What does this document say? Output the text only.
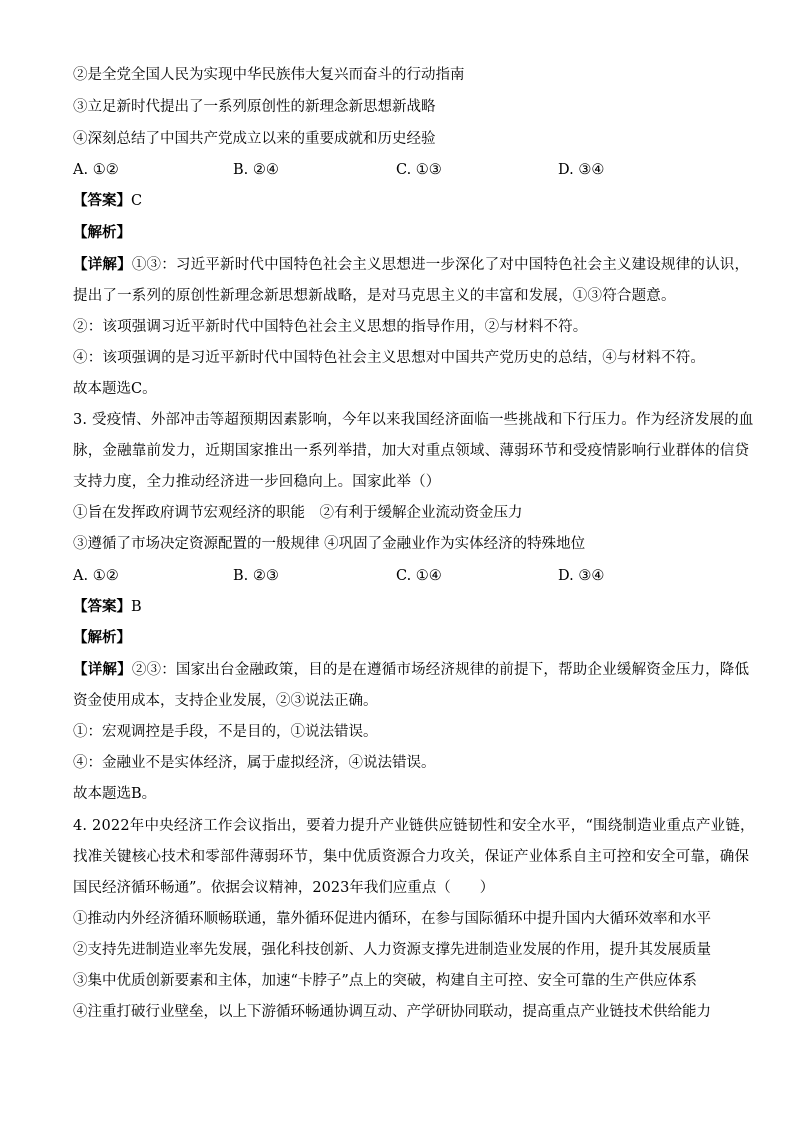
②是全党全国人民为实现中华民族伟大复兴而奋斗的行动指南
③立足新时代提出了一系列原创性的新理念新思想新战略
④深刻总结了中国共产党成立以来的重要成就和历史经验
A. ①②	B. ②④	C. ①③	D. ③④
【答案】C
【解析】
【详解】①③：习近平新时代中国特色社会主义思想进一步深化了对中国特色社会主义建设规律的认识，
提出了一系列的原创性新理念新思想新战略，是对马克思主义的丰富和发展，①③符合题意。
②：该项强调习近平新时代中国特色社会主义思想的指导作用，②与材料不符。
④：该项强调的是习近平新时代中国特色社会主义思想对中国共产党历史的总结，④与材料不符。
故本题选C。
3. 受疫情、外部冲击等超预期因素影响，今年以来我国经济面临一些挑战和下行压力。作为经济发展的血
脉，金融靠前发力，近期国家推出一系列举措，加大对重点领域、薄弱环节和受疫情影响行业群体的信贷
支持力度，全力推动经济进一步回稳向上。国家此举（）
①旨在发挥政府调节宏观经济的职能　②有利于缓解企业流动资金压力
③遵循了市场决定资源配置的一般规律 ④巩固了金融业作为实体经济的特殊地位
A. ①②	B. ②③	C. ①④	D. ③④
【答案】B
【解析】
【详解】②③：国家出台金融政策，目的是在遵循市场经济规律的前提下，帮助企业缓解资金压力，降低
资金使用成本，支持企业发展，②③说法正确。
①：宏观调控是手段，不是目的，①说法错误。
④：金融业不是实体经济，属于虚拟经济，④说法错误。
故本题选B。
4. 2022年中央经济工作会议指出，要着力提升产业链供应链韧性和安全水平，“围绕制造业重点产业链，
找准关键核心技术和零部件薄弱环节，集中优质资源合力攻关，保证产业体系自主可控和安全可靠，确保
国民经济循环畅通”。依据会议精神，2023年我们应重点（　　）
①推动内外经济循环顺畅联通，靠外循环促进内循环，在参与国际循环中提升国内大循环效率和水平
②支持先进制造业率先发展，强化科技创新、人力资源支撑先进制造业发展的作用，提升其发展质量
③集中优质创新要素和主体，加速“卡脖子”点上的突破，构建自主可控、安全可靠的生产供应体系
④注重打破行业壁垒，以上下游循环畅通协调互动、产学研协同联动，提高重点产业链技术供给能力
